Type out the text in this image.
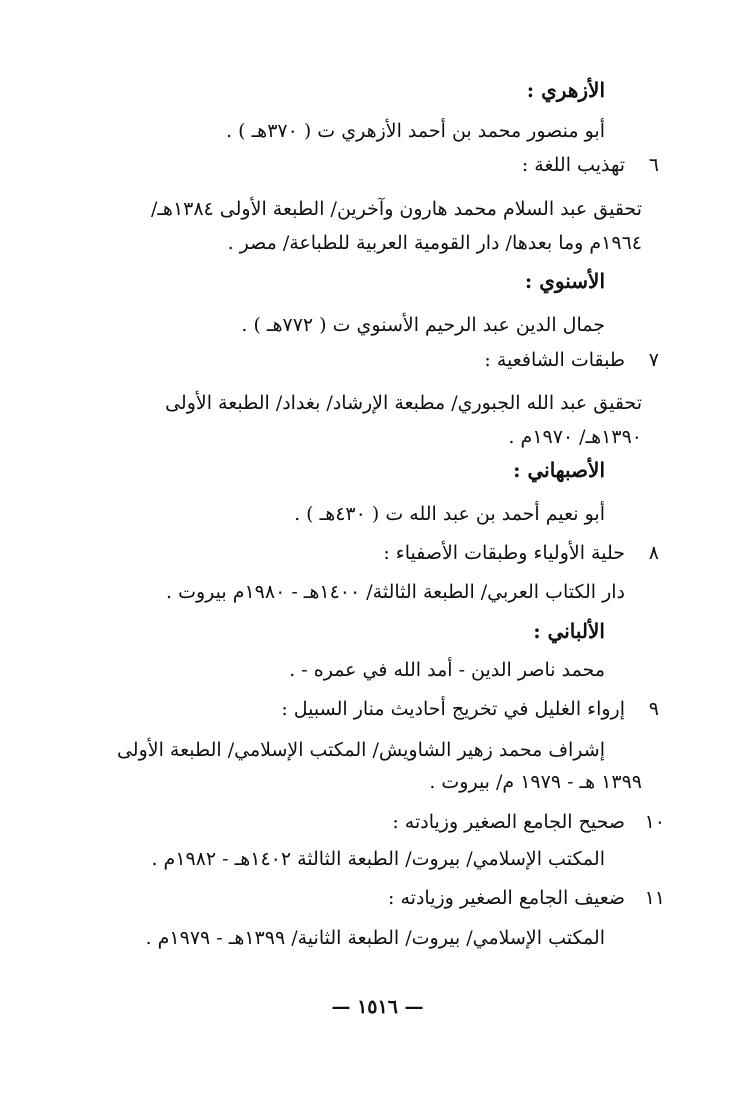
الأزهري :
أبو منصور محمد بن أحمد الأزهري ت ( ٣٧٠هـ ) .
٦
تهذيب اللغة :
تحقيق عبد السلام محمد هارون وآخرين/ الطبعة الأولى ١٣٨٤هـ/
١٩٦٤م وما بعدها/ دار القومية العربية للطباعة/ مصر .
الأسنوي :
جمال الدين عبد الرحيم الأسنوي ت ( ٧٧٢هـ ) .
٧
طبقات الشافعية :
تحقيق عبد الله الجبوري/ مطبعة الإرشاد/ بغداد/ الطبعة الأولى
١٣٩٠هـ/ ١٩٧٠م .
الأصبهاني :
أبو نعيم أحمد بن عبد الله ت ( ٤٣٠هـ ) .
٨
حلية الأولياء وطبقات الأصفياء :
دار الكتاب العربي/ الطبعة الثالثة/ ١٤٠٠هـ - ١٩٨٠م بيروت .
الألباني :
محمد ناصر الدين - أمد الله في عمره - .
٩
إرواء الغليل في تخريج أحاديث منار السبيل :
إشراف محمد زهير الشاويش/ المكتب الإسلامي/ الطبعة الأولى
١٣٩٩ هـ - ١٩٧٩ م/ بيروت .
١٠
صحيح الجامع الصغير وزيادته :
المكتب الإسلامي/ بيروت/ الطبعة الثالثة ١٤٠٢هـ - ١٩٨٢م .
١١
ضعيف الجامع الصغير وزيادته :
المكتب الإسلامي/ بيروت/ الطبعة الثانية/ ١٣٩٩هـ - ١٩٧٩م .
— ١٥١٦ —
